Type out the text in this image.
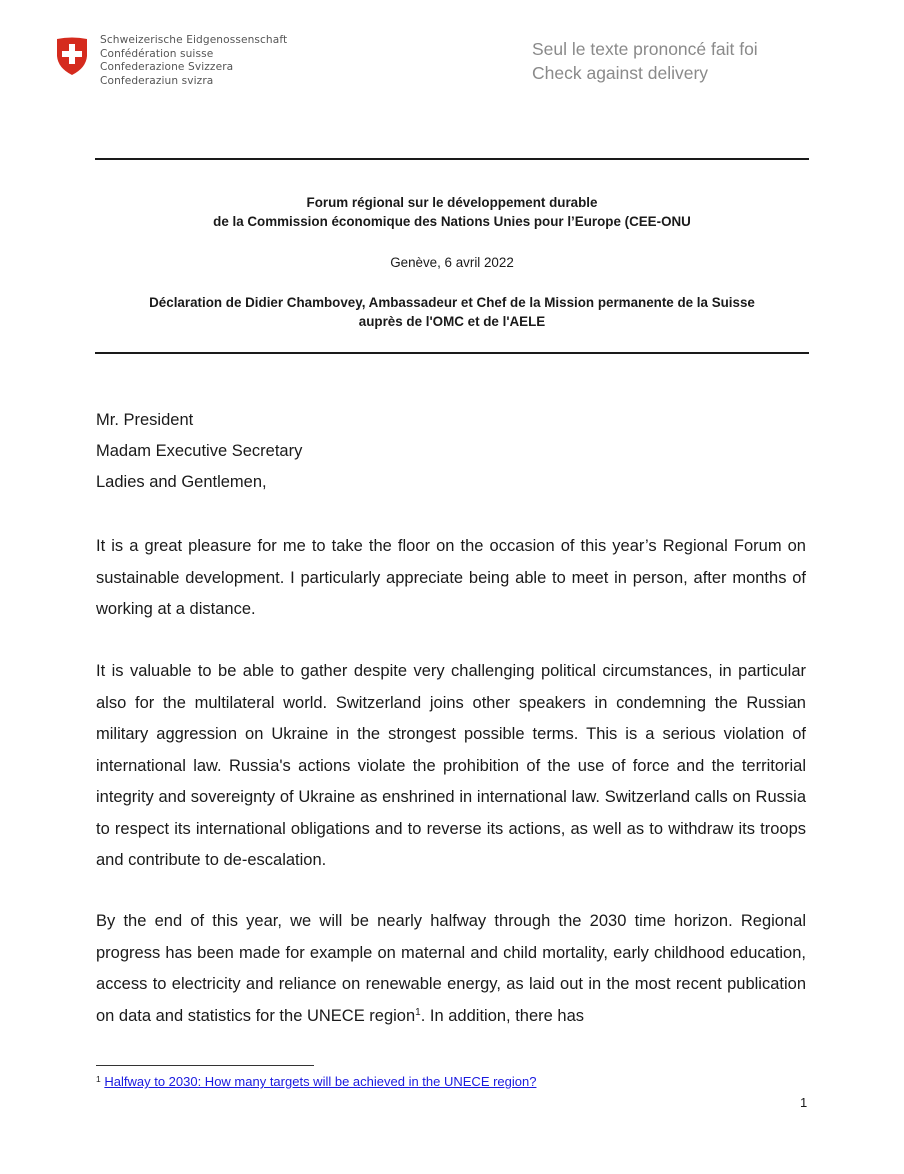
Schweizerische Eidgenossenschaft
Confédération suisse
Confederazione Svizzera
Confederaziun svizra
Seul le texte prononcé fait foi
Check against delivery
Forum régional sur le développement durable
de la Commission économique des Nations Unies pour l’Europe (CEE-ONU
Genève, 6 avril 2022
Déclaration de Didier Chambovey, Ambassadeur et Chef de la Mission permanente de la Suisse
auprès de l'OMC et de l'AELE
Mr. President
Madam Executive Secretary
Ladies and Gentlemen,
It is a great pleasure for me to take the floor on the occasion of this year’s Regional Forum on sustainable development. I particularly appreciate being able to meet in person, after months of working at a distance.
It is valuable to be able to gather despite very challenging political circumstances, in particular also for the multilateral world. Switzerland joins other speakers in condemning the Russian military aggression on Ukraine in the strongest possible terms. This is a serious violation of international law. Russia's actions violate the prohibition of the use of force and the territorial integrity and sovereignty of Ukraine as enshrined in international law. Switzerland calls on Russia to respect its international obligations and to reverse its actions, as well as to withdraw its troops and contribute to de-escalation.
By the end of this year, we will be nearly halfway through the 2030 time horizon. Regional progress has been made for example on maternal and child mortality, early childhood education, access to electricity and reliance on renewable energy, as laid out in the most recent publication on data and statistics for the UNECE region$^1$. In addition, there has
$^1$ Halfway to 2030: How many targets will be achieved in the UNECE region?
1
